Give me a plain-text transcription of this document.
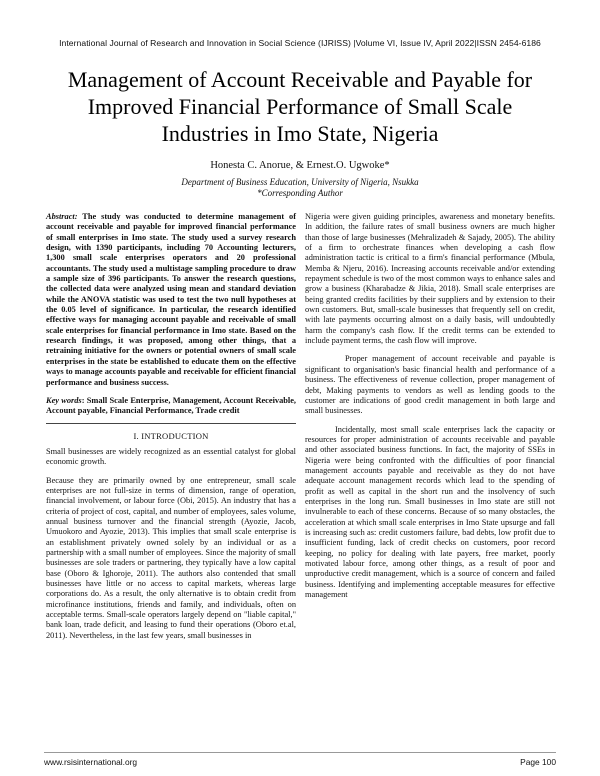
International Journal of Research and Innovation in Social Science (IJRISS) |Volume VI, Issue IV, April 2022|ISSN 2454-6186
Management of Account Receivable and Payable for
Improved Financial Performance of Small Scale
Industries in Imo State, Nigeria
Honesta C. Anorue, & Ernest.O. Ugwoke*
Department of Business Education, University of Nigeria, Nsukka
*Corresponding Author

Abstract: The study was conducted to determine management of account receivable and payable for improved financial performance of small enterprises in Imo state. The study used a survey research design, with 1390 participants, including 70 Accounting lecturers, 1,300 small scale enterprises operators and 20 professional accountants. The study used a multistage sampling procedure to draw a sample size of 396 participants. To answer the research questions, the collected data were analyzed using mean and standard deviation while the ANOVA statistic was used to test the two null hypotheses at the 0.05 level of significance. In particular, the research identified effective ways for managing account payable and receivable of small scale enterprises for financial performance in Imo state. Based on the research findings, it was proposed, among other things, that a retraining initiative for the owners or potential owners of small scale enterprises in the state be established to educate them on the effective ways to manage accounts payable and receivable for efficient financial performance and business success.

Key words: Small Scale Enterprise, Management, Account Receivable, Account payable, Financial Performance, Trade credit

I. INTRODUCTION

Small businesses are widely recognized as an essential catalyst for global economic growth.

Because they are primarily owned by one entrepreneur, small scale enterprises are not full-size in terms of dimension, range of operation, financial involvement, or labour force (Obi, 2015). An industry that has a criteria of project of cost, capital, and number of employees, sales volume, annual business turnover and the financial strength (Ayozie, Jacob, Umuokoro and Ayozie, 2013). This implies that small scale enterprise is an establishment privately owned solely by an individual or as a partnership with a small number of employees. Since the majority of small businesses are sole traders or partnering, they typically have a low capital base (Oboro & Ighoroje, 2011). The authors also contended that small businesses have little or no access to capital markets, whereas large corporations do. As a result, the only alternative is to obtain credit from microfinance institutions, friends and family, and individuals, often on acceptable terms. Small-scale operators largely depend on "liable capital," bank loan, trade deficit, and leasing to fund their operations (Oboro et.al, 2011). Nevertheless, in the last few years, small businesses in

Nigeria were given guiding principles, awareness and monetary benefits. In addition, the failure rates of small business owners are much higher than those of large businesses (Mehralizadeh & Sajady, 2005). The ability of a firm to orchestrate finances when developing a cash flow administration tactic is critical to a firm's financial performance (Mbula, Memba & Njeru, 2016). Increasing accounts receivable and/or extending repayment schedule is two of the most common ways to enhance sales and grow a business (Kharabadze & Jikia, 2018). Small scale enterprises are being granted credits facilities by their suppliers and by extension to their own customers. But, small-scale businesses that frequently sell on credit, with late payments occurring almost on a daily basis, will undoubtedly harm the company's cash flow. If the credit terms can be extended to include payment terms, the cash flow will improve.

Proper management of account receivable and payable is significant to organisation's basic financial health and performance of a business. The effectiveness of revenue collection, proper management of debt, Making payments to vendors as well as lending goods to the customer are indications of good credit management in both large and small businesses.

Incidentally, most small scale enterprises lack the capacity or resources for proper administration of accounts receivable and payable and other associated business functions. In fact, the majority of SSEs in Nigeria were being confronted with the difficulties of poor financial management accounts payable and receivable as they do not have adequate account management records which lead to the spending of profit as well as capital in the short run and the insolvency of such enterprises in the long run. Small businesses in Imo state are still not invulnerable to each of these concerns. Because of so many obstacles, the acceleration at which small scale enterprises in Imo State upsurge and fall is increasing such as: credit customers failure, bad debts, low profit due to insufficient funding, lack of credit checks on customers, poor record keeping, no policy for dealing with late payers, free market, poorly motivated labour force, among other things, as a result of poor and unproductive credit management, which is a source of concern and failed business. Identifying and implementing acceptable measures for effective management

www.rsisinternational.org	Page 100
